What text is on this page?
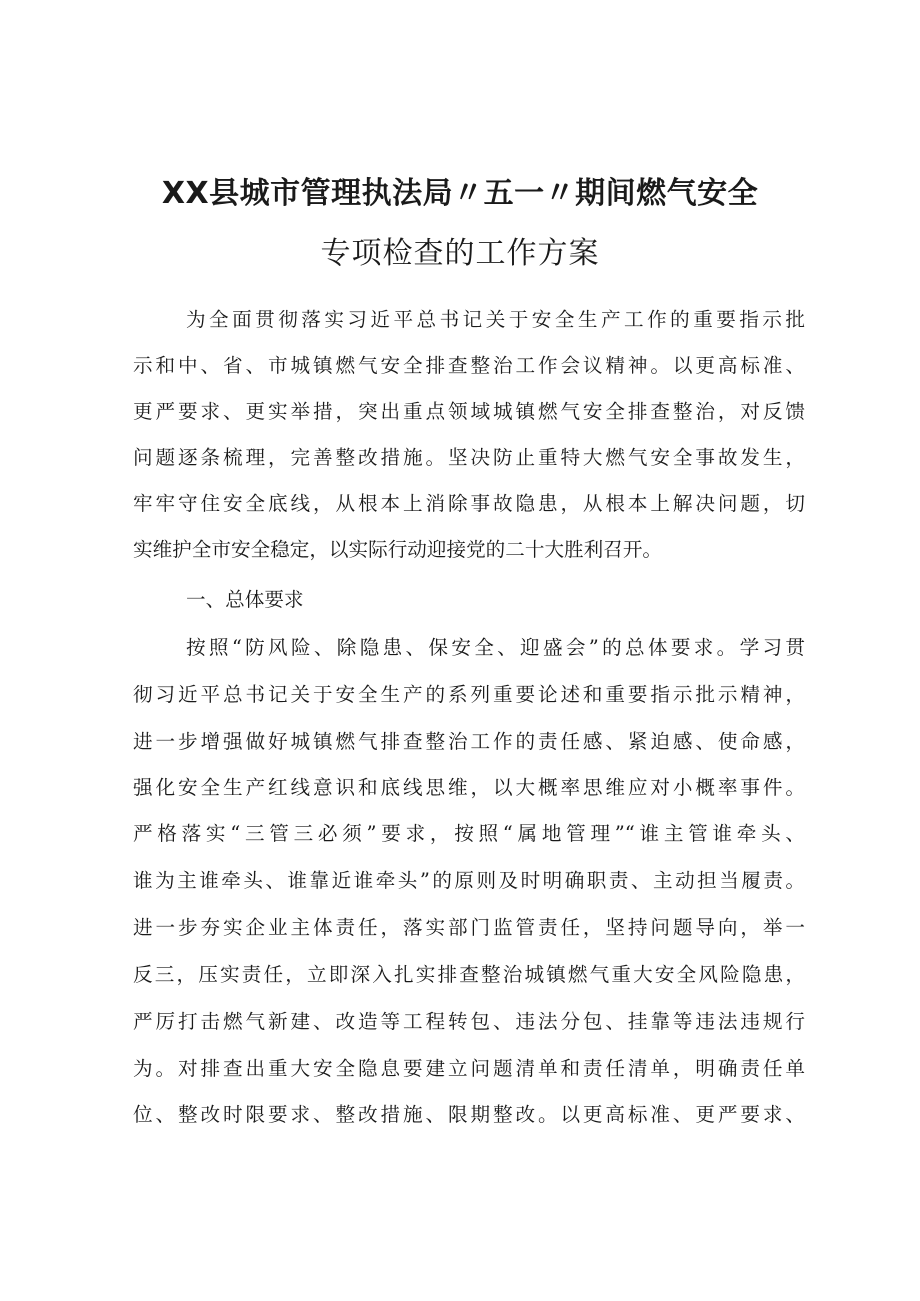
XX县城市管理执法局〃五一〃期间燃气安全
专项检查的工作方案
为全面贯彻落实习近平总书记关于安全生产工作的重要指示批
示和中、省、市城镇燃气安全排查整治工作会议精神。以更高标准、
更严要求、更实举措，突出重点领域城镇燃气安全排查整治，对反馈
问题逐条梳理，完善整改措施。坚决防止重特大燃气安全事故发生，
牢牢守住安全底线，从根本上消除事故隐患，从根本上解决问题，切
实维护全市安全稳定，以实际行动迎接党的二十大胜利召开。
一、总体要求
按照“防风险、除隐患、保安全、迎盛会”的总体要求。学习贯
彻习近平总书记关于安全生产的系列重要论述和重要指示批示精神，
进一步增强做好城镇燃气排查整治工作的责任感、紧迫感、使命感，
强化安全生产红线意识和底线思维，以大概率思维应对小概率事件。
严格落实“三管三必须”要求，按照“属地管理”“谁主管谁牵头、
谁为主谁牵头、谁靠近谁牵头”的原则及时明确职责、主动担当履责。
进一步夯实企业主体责任，落实部门监管责任，坚持问题导向，举一
反三，压实责任，立即深入扎实排查整治城镇燃气重大安全风险隐患，
严厉打击燃气新建、改造等工程转包、违法分包、挂靠等违法违规行
为。对排查出重大安全隐息要建立问题清单和责任清单，明确责任单
位、整改时限要求、整改措施、限期整改。以更高标准、更严要求、
